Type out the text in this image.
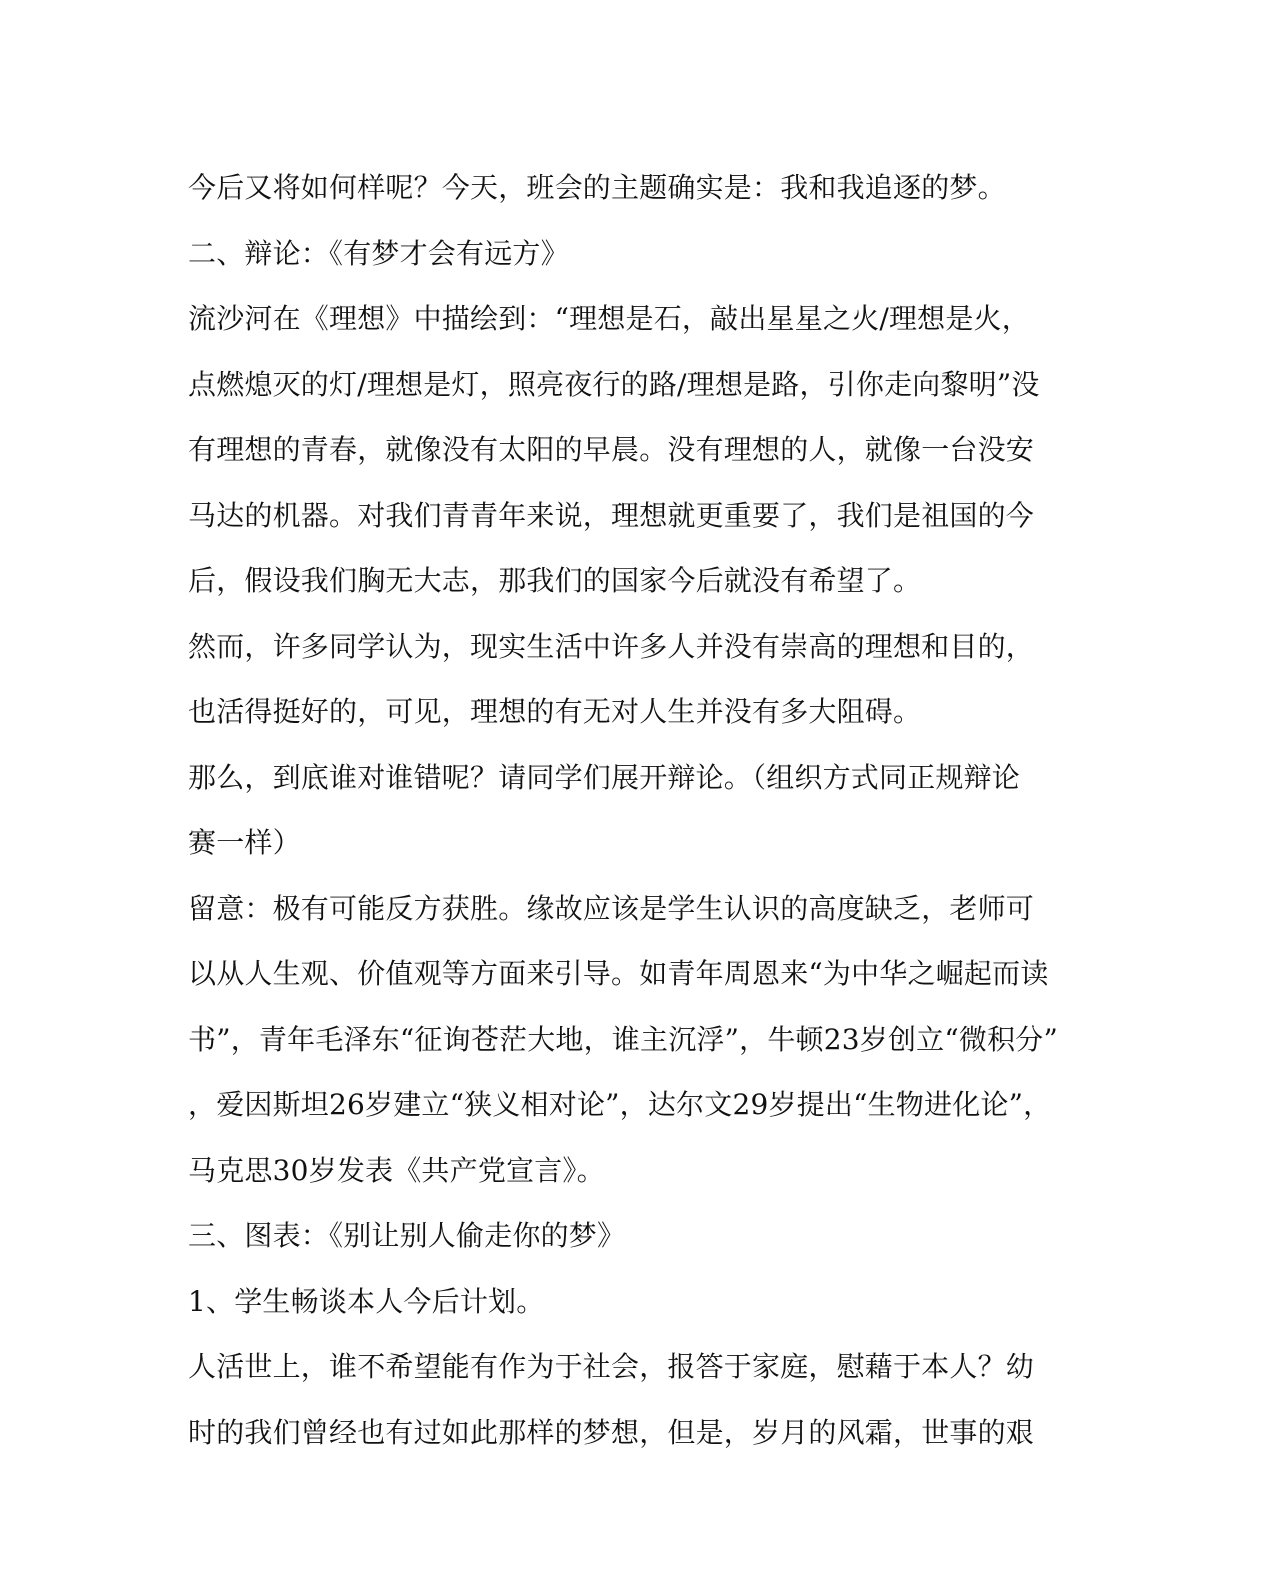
今后又将如何样呢？今天，班会的主题确实是：我和我追逐的梦。
二、辩论：《有梦才会有远方》
流沙河在《理想》中描绘到：“理想是石，敲出星星之火/理想是火，
点燃熄灭的灯/理想是灯，照亮夜行的路/理想是路，引你走向黎明”没
有理想的青春，就像没有太阳的早晨。没有理想的人，就像一台没安
马达的机器。对我们青青年来说，理想就更重要了，我们是祖国的今
后，假设我们胸无大志，那我们的国家今后就没有希望了。
然而，许多同学认为，现实生活中许多人并没有崇高的理想和目的，
也活得挺好的，可见，理想的有无对人生并没有多大阻碍。
那么，到底谁对谁错呢？请同学们展开辩论。（组织方式同正规辩论
赛一样）
留意：极有可能反方获胜。缘故应该是学生认识的高度缺乏，老师可
以从人生观、价值观等方面来引导。如青年周恩来“为中华之崛起而读
书”，青年毛泽东“征询苍茫大地，谁主沉浮”，牛顿23岁创立“微积分”
，爱因斯坦26岁建立“狭义相对论”，达尔文29岁提出“生物进化论”，
马克思30岁发表《共产党宣言》。
三、图表：《别让别人偷走你的梦》
1、学生畅谈本人今后计划。
人活世上，谁不希望能有作为于社会，报答于家庭，慰藉于本人？幼
时的我们曾经也有过如此那样的梦想，但是，岁月的风霜，世事的艰
